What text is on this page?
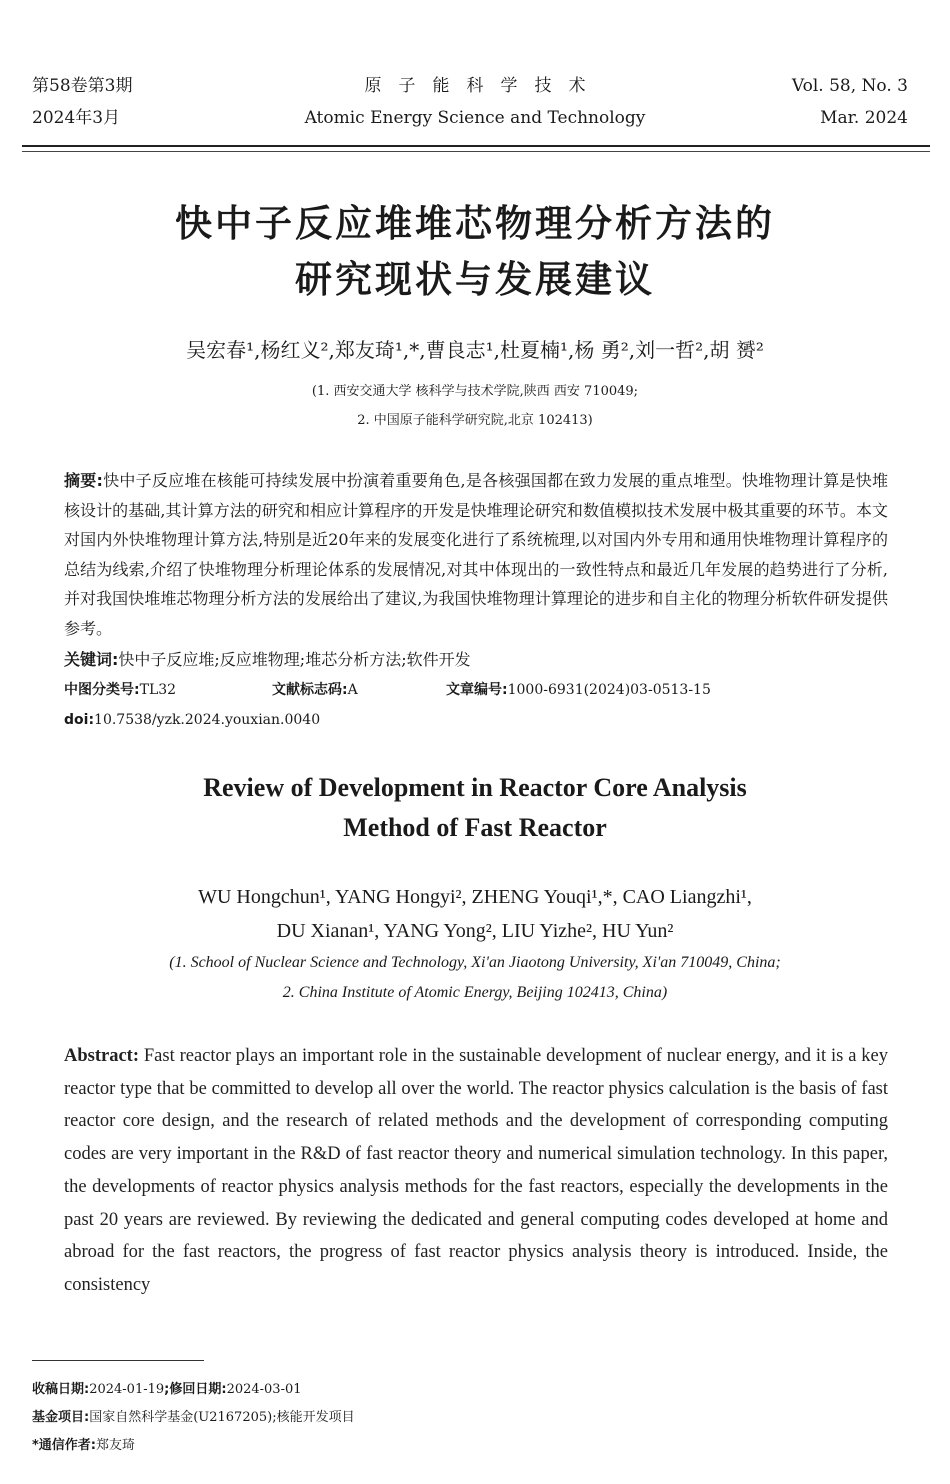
第58卷第3期
2024年3月
原子能科学技术
Atomic Energy Science and Technology
Vol. 58, No. 3
Mar. 2024
快中子反应堆堆芯物理分析方法的
研究现状与发展建议
吴宏春¹,杨红义²,郑友琦¹,*,曹良志¹,杜夏楠¹,杨 勇²,刘一哲²,胡 赟²
(1. 西安交通大学 核科学与技术学院,陕西 西安 710049;
2. 中国原子能科学研究院,北京 102413)
摘要:快中子反应堆在核能可持续发展中扮演着重要角色,是各核强国都在致力发展的重点堆型。快堆物理计算是快堆核设计的基础,其计算方法的研究和相应计算程序的开发是快堆理论研究和数值模拟技术发展中极其重要的环节。本文对国内外快堆物理计算方法,特别是近20年来的发展变化进行了系统梳理,以对国内外专用和通用快堆物理计算程序的总结为线索,介绍了快堆物理分析理论体系的发展情况,对其中体现出的一致性特点和最近几年发展的趋势进行了分析,并对我国快堆堆芯物理分析方法的发展给出了建议,为我国快堆物理计算理论的进步和自主化的物理分析软件研发提供参考。
关键词:快中子反应堆;反应堆物理;堆芯分析方法;软件开发
中图分类号:TL32	文献标志码:A	文章编号:1000-6931(2024)03-0513-15
doi:10.7538/yzk.2024.youxian.0040
Review of Development in Reactor Core Analysis
Method of Fast Reactor
WU Hongchun¹, YANG Hongyi², ZHENG Youqi¹,*, CAO Liangzhi¹,
DU Xianan¹, YANG Yong², LIU Yizhe², HU Yun²
(1. School of Nuclear Science and Technology, Xi'an Jiaotong University, Xi'an 710049, China;
2. China Institute of Atomic Energy, Beijing 102413, China)
Abstract: Fast reactor plays an important role in the sustainable development of nuclear energy, and it is a key reactor type that be committed to develop all over the world. The reactor physics calculation is the basis of fast reactor core design, and the research of related methods and the development of corresponding computing codes are very important in the R&D of fast reactor theory and numerical simulation technology. In this paper, the developments of reactor physics analysis methods for the fast reactors, especially the developments in the past 20 years are reviewed. By reviewing the dedicated and general computing codes developed at home and abroad for the fast reactors, the progress of fast reactor physics analysis theory is introduced. Inside, the consistency
收稿日期:2024-01-19;修回日期:2024-03-01
基金项目:国家自然科学基金(U2167205);核能开发项目
*通信作者:郑友琦
